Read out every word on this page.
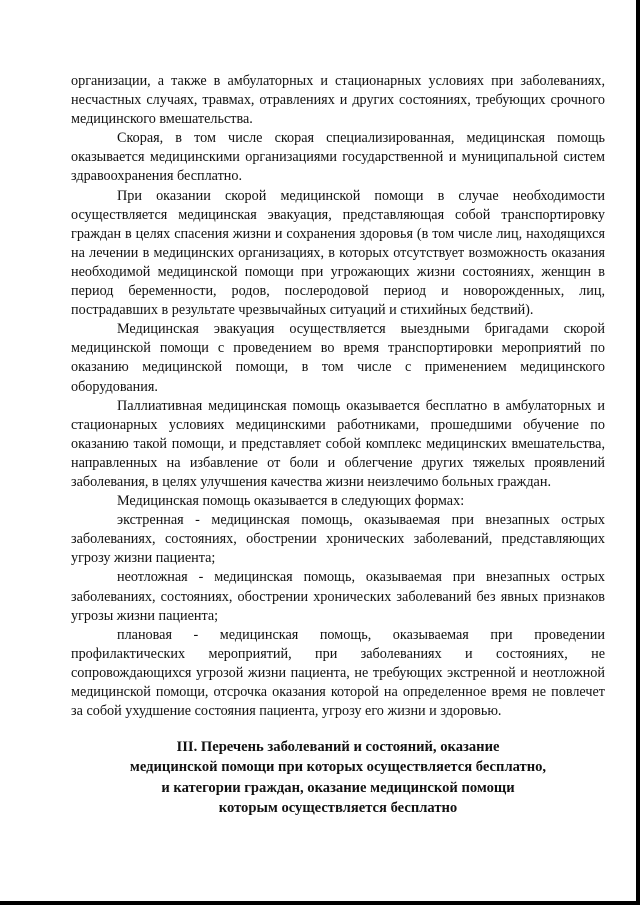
организации, а также в амбулаторных и стационарных условиях при заболеваниях, несчастных случаях, травмах, отравлениях и других состояниях, требующих срочного медицинского вмешательства.

Скорая, в том числе скорая специализированная, медицинская помощь оказывается медицинскими организациями государственной и муниципальной систем здравоохранения бесплатно.

При оказании скорой медицинской помощи в случае необходимости осуществляется медицинская эвакуация, представляющая собой транспортировку граждан в целях спасения жизни и сохранения здоровья (в том числе лиц, находящихся на лечении в медицинских организациях, в которых отсутствует возможность оказания необходимой медицинской помощи при угрожающих жизни состояниях, женщин в период беременности, родов, послеродовой период и новорожденных, лиц, пострадавших в результате чрезвычайных ситуаций и стихийных бедствий).

Медицинская эвакуация осуществляется выездными бригадами скорой медицинской помощи с проведением во время транспортировки мероприятий по оказанию медицинской помощи, в том числе с применением медицинского оборудования.

Паллиативная медицинская помощь оказывается бесплатно в амбулаторных и стационарных условиях медицинскими работниками, прошедшими обучение по оказанию такой помощи, и представляет собой комплекс медицинских вмешательства, направленных на избавление от боли и облегчение других тяжелых проявлений заболевания, в целях улучшения качества жизни неизлечимо больных граждан.

Медицинская помощь оказывается в следующих формах:

экстренная - медицинская помощь, оказываемая при внезапных острых заболеваниях, состояниях, обострении хронических заболеваний, представляющих угрозу жизни пациента;

неотложная - медицинская помощь, оказываемая при внезапных острых заболеваниях, состояниях, обострении хронических заболеваний без явных признаков угрозы жизни пациента;

плановая - медицинская помощь, оказываемая при проведении профилактических мероприятий, при заболеваниях и состояниях, не сопровождающихся угрозой жизни пациента, не требующих экстренной и неотложной медицинской помощи, отсрочка оказания которой на определенное время не повлечет за собой ухудшение состояния пациента, угрозу его жизни и здоровью.

III. Перечень заболеваний и состояний, оказание
медицинской помощи при которых осуществляется бесплатно,
и категории граждан, оказание медицинской помощи
которым осуществляется бесплатно
